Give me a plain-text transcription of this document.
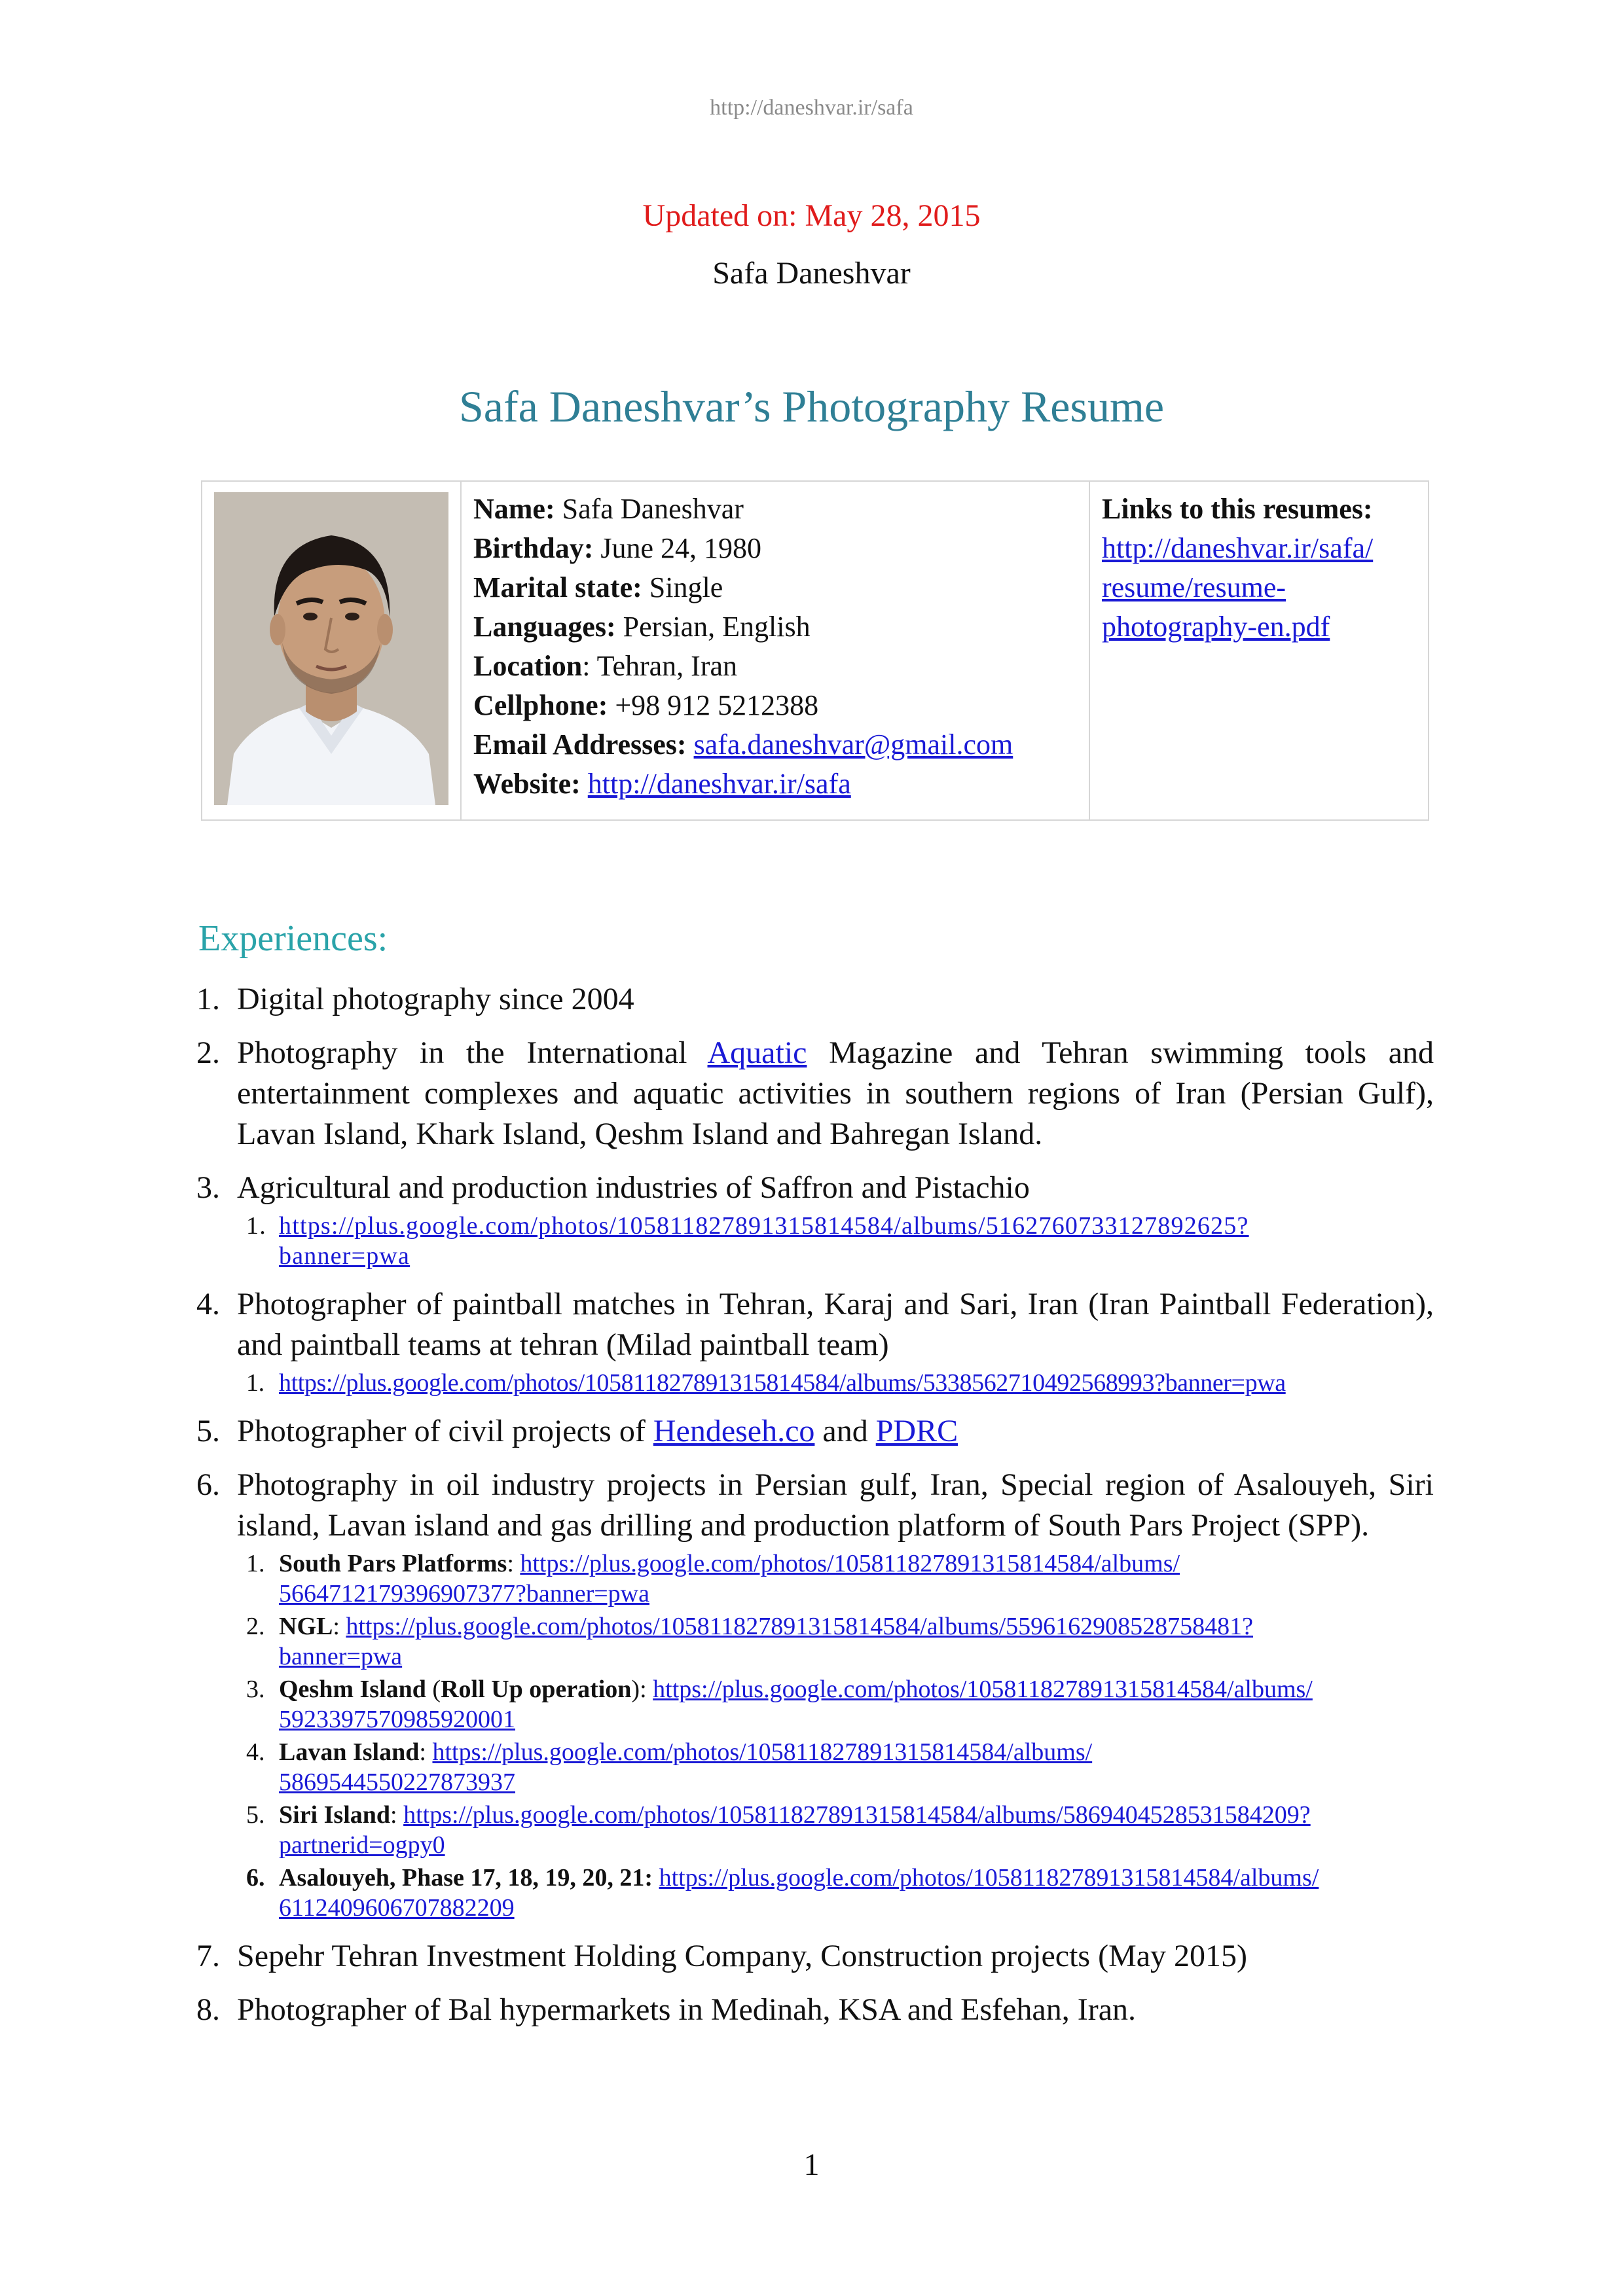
http://daneshvar.ir/safa
Updated on: May 28, 2015
Safa Daneshvar
Safa Daneshvar’s Photography Resume
Name: Safa Daneshvar
Birthday: June 24, 1980
Marital state: Single
Languages: Persian, English
Location: Tehran, Iran
Cellphone: +98 912 5212388
Email Addresses: safa.daneshvar@gmail.com
Website: http://daneshvar.ir/safa
Links to this resumes:
http://daneshvar.ir/safa/
resume/resume-
photography-en.pdf
Experiences:
1. Digital photography since 2004
2. Photography in the International Aquatic Magazine and Tehran swimming tools and entertainment complexes and aquatic activities in southern regions of Iran (Persian Gulf), Lavan Island, Khark Island, Qeshm Island and Bahregan Island.
3. Agricultural and production industries of Saffron and Pistachio
1. https://plus.google.com/photos/105811827891315814584/albums/5162760733127892625?
banner=pwa
4. Photographer of paintball matches in Tehran, Karaj and Sari, Iran (Iran Paintball Federation), and paintball teams at tehran (Milad paintball team)
1. https://plus.google.com/photos/105811827891315814584/albums/5338562710492568993?banner=pwa
5. Photographer of civil projects of Hendeseh.co and PDRC
6. Photography in oil industry projects in Persian gulf, Iran, Special region of Asalouyeh, Siri island, Lavan island and gas drilling and production platform of South Pars Project (SPP).
1. South Pars Platforms: https://plus.google.com/photos/105811827891315814584/albums/
5664712179396907377?banner=pwa
2. NGL: https://plus.google.com/photos/105811827891315814584/albums/5596162908528758481?
banner=pwa
3. Qeshm Island (Roll Up operation): https://plus.google.com/photos/105811827891315814584/albums/
5923397570985920001
4. Lavan Island: https://plus.google.com/photos/105811827891315814584/albums/
5869544550227873937
5. Siri Island: https://plus.google.com/photos/105811827891315814584/albums/5869404528531584209?
partnerid=ogpy0
6. Asalouyeh, Phase 17, 18, 19, 20, 21: https://plus.google.com/photos/105811827891315814584/albums/
6112409606707882209
7. Sepehr Tehran Investment Holding Company, Construction projects (May 2015)
8. Photographer of Bal hypermarkets in Medinah, KSA and Esfehan, Iran.
1
